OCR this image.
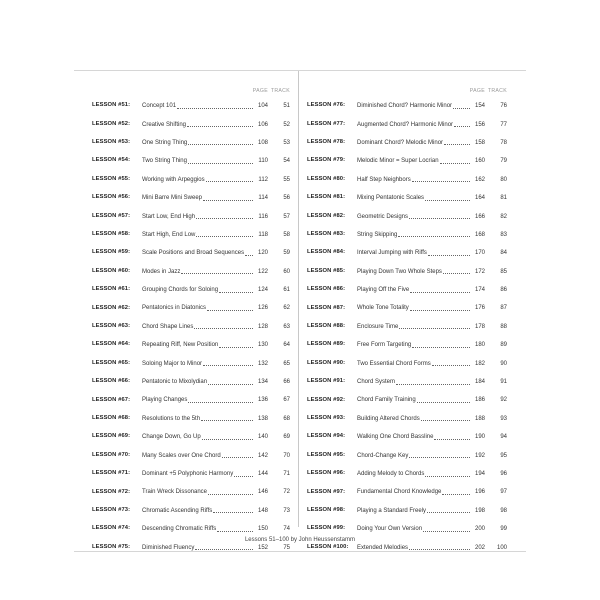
PAGE TRACK
LESSON #51:	Concept 101	104	51
LESSON #52:	Creative Shifting	106	52
LESSON #53:	One String Thing	108	53
LESSON #54:	Two String Thing	110	54
LESSON #55:	Working with Arpeggios	112	55
LESSON #56:	Mini Barre Mini Sweep	114	56
LESSON #57:	Start Low, End High	116	57
LESSON #58:	Start High, End Low	118	58
LESSON #59:	Scale Positions and Broad Sequences	120	59
LESSON #60:	Modes in Jazz	122	60
LESSON #61:	Grouping Chords for Soloing	124	61
LESSON #62:	Pentatonics in Diatonics	126	62
LESSON #63:	Chord Shape Lines	128	63
LESSON #64:	Repeating Riff, New Position	130	64
LESSON #65:	Soloing Major to Minor	132	65
LESSON #66:	Pentatonic to Mixolydian	134	66
LESSON #67:	Playing Changes	136	67
LESSON #68:	Resolutions to the 5th	138	68
LESSON #69:	Change Down, Go Up	140	69
LESSON #70:	Many Scales over One Chord	142	70
LESSON #71:	Dominant +5 Polyphonic Harmony	144	71
LESSON #72:	Train Wreck Dissonance	146	72
LESSON #73:	Chromatic Ascending Riffs	148	73
LESSON #74:	Descending Chromatic Riffs	150	74
LESSON #75:	Diminished Fluency	152	75
PAGE TRACK
LESSON #76:	Diminished Chord? Harmonic Minor	154	76
LESSON #77:	Augmented Chord? Harmonic Minor	156	77
LESSON #78:	Dominant Chord? Melodic Minor	158	78
LESSON #79:	Melodic Minor = Super Locrian	160	79
LESSON #80:	Half Step Neighbors	162	80
LESSON #81:	Mixing Pentatonic Scales	164	81
LESSON #82:	Geometric Designs	166	82
LESSON #83:	String Skipping	168	83
LESSON #84:	Interval Jumping with Riffs	170	84
LESSON #85:	Playing Down Two Whole Steps	172	85
LESSON #86:	Playing Off the Five	174	86
LESSON #87:	Whole Tone Totality	176	87
LESSON #88:	Enclosure Time	178	88
LESSON #89:	Free Form Targeting	180	89
LESSON #90:	Two Essential Chord Forms	182	90
LESSON #91:	Chord System	184	91
LESSON #92:	Chord Family Training	186	92
LESSON #93:	Building Altered Chords	188	93
LESSON #94:	Walking One Chord Bassline	190	94
LESSON #95:	Chord-Change Key	192	95
LESSON #96:	Adding Melody to Chords	194	96
LESSON #97:	Fundamental Chord Knowledge	196	97
LESSON #98:	Playing a Standard Freely	198	98
LESSON #99:	Doing Your Own Version	200	99
LESSON #100:	Extended Melodies	202	100
Lessons 51–100 by John Heussenstamm
